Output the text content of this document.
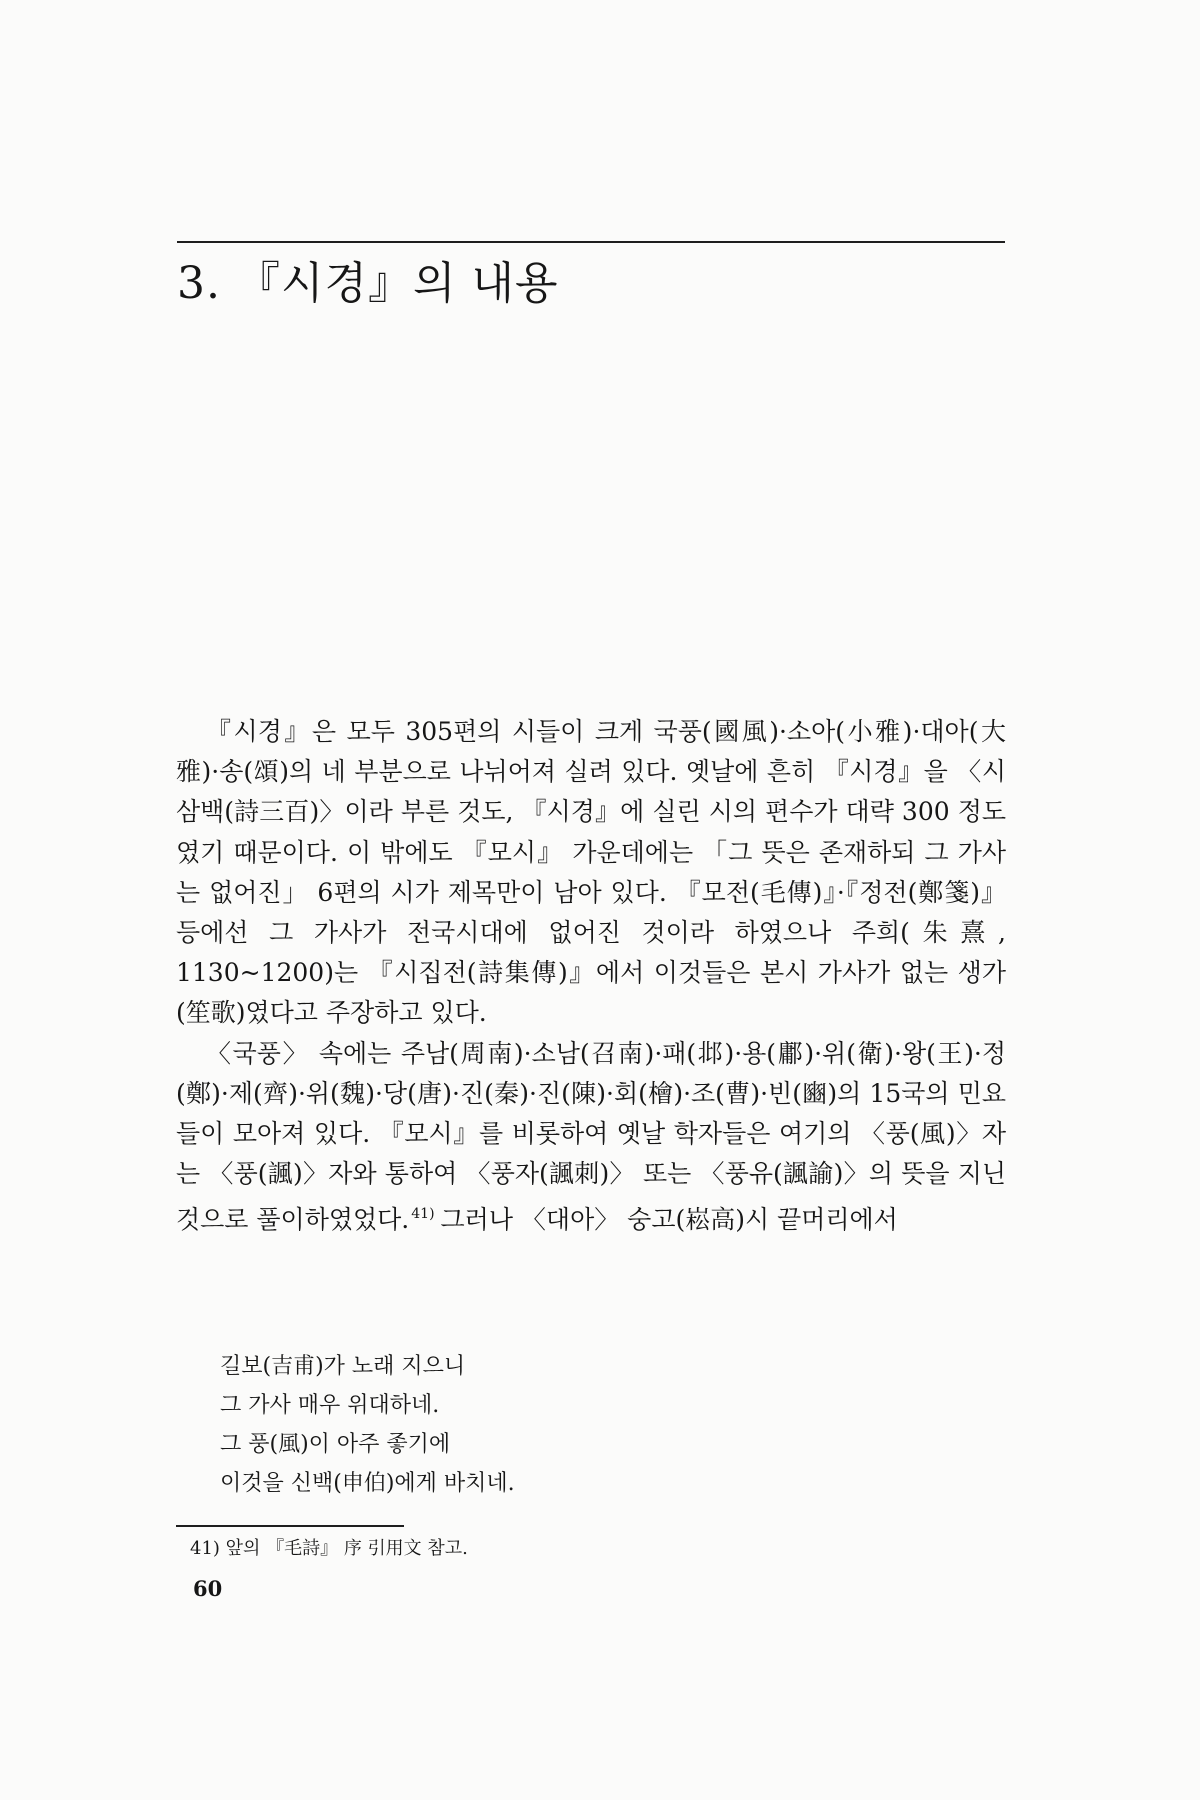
3. 『시경』의 내용

『시경』은 모두 305편의 시들이 크게 국풍(國風)·소아(小雅)·대아(大雅)·송(頌)의 네 부분으로 나뉘어져 실려 있다. 옛날에 흔히 『시경』을 〈시삼백(詩三百)〉이라 부른 것도, 『시경』에 실린 시의 편수가 대략 300 정도였기 때문이다. 이 밖에도 『모시』 가운데에는 「그 뜻은 존재하되 그 가사는 없어진」 6편의 시가 제목만이 남아 있다. 『모전(毛傳)』·『정전(鄭箋)』 등에선 그 가사가 전국시대에 없어진 것이라 하였으나 주희(朱熹, 1130~1200)는 『시집전(詩集傳)』에서 이것들은 본시 가사가 없는 생가(笙歌)였다고 주장하고 있다.

〈국풍〉 속에는 주남(周南)·소남(召南)·패(邶)·용(鄘)·위(衛)·왕(王)·정(鄭)·제(齊)·위(魏)·당(唐)·진(秦)·진(陳)·회(檜)·조(曹)·빈(豳)의 15국의 민요들이 모아져 있다. 『모시』를 비롯하여 옛날 학자들은 여기의 〈풍(風)〉자는 〈풍(諷)〉자와 통하여 〈풍자(諷刺)〉 또는 〈풍유(諷諭)〉의 뜻을 지닌 것으로 풀이하였었다. $^{41)}$ 그러나 〈대아〉 숭고(崧高)시 끝머리에서

길보(吉甫)가 노래 지으니
그 가사 매우 위대하네.
그 풍(風)이 아주 좋기에
이것을 신백(申伯)에게 바치네.
41) 앞의 『毛詩』 序 引用文 참고.
60
